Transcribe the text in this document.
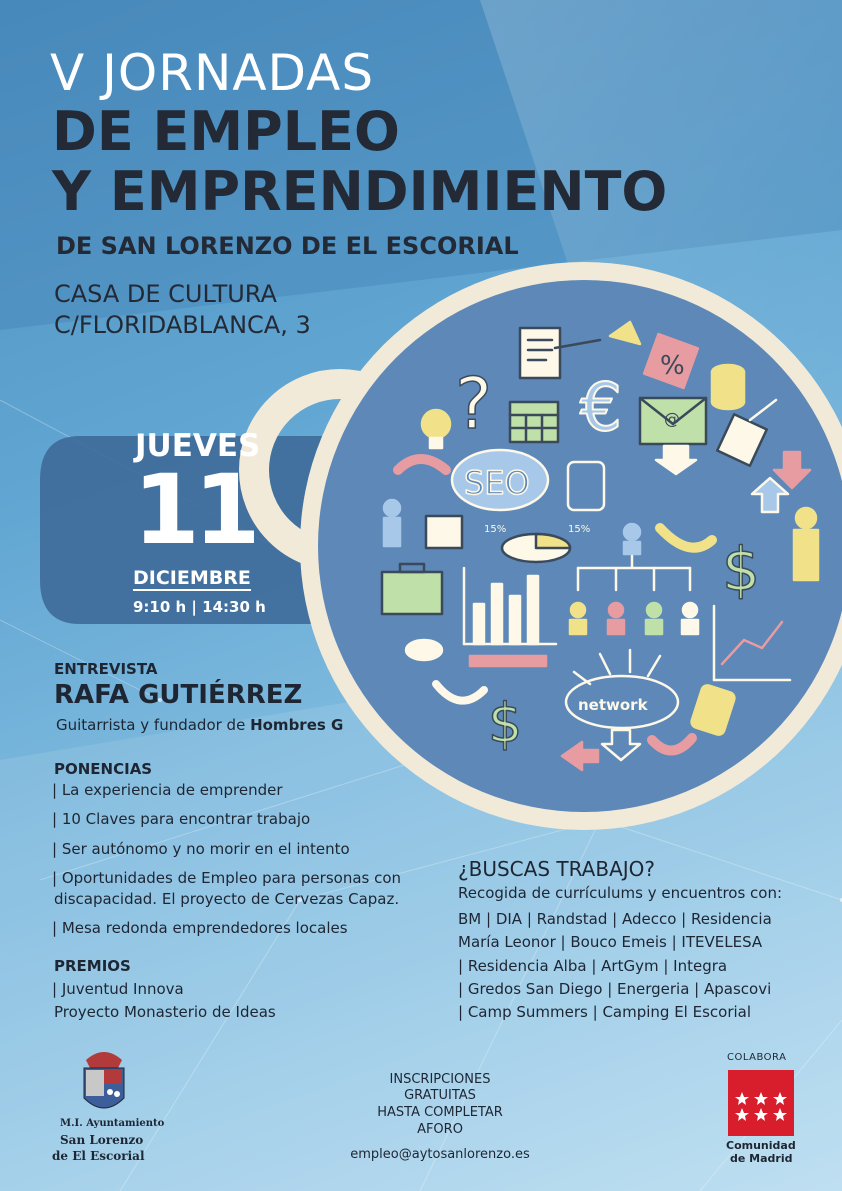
%
? €	@
SEO
15%	15%
$
network
$
V JORNADAS
DE EMPLEO
Y EMPRENDIMIENTO
DE SAN LORENZO DE EL ESCORIAL
CASA DE CULTURA
C/FLORIDABLANCA, 3
JUEVES
11
DICIEMBRE
9:10 h | 14:30 h
ENTREVISTA
RAFA GUTIÉRREZ
Guitarrista y fundador de Hombres G
PONENCIAS
| La experiencia de emprender
| 10 Claves para encontrar trabajo
| Ser autónomo y no morir en el intento
| Oportunidades de Empleo para personas con
discapacidad. El proyecto de Cervezas Capaz.
| Mesa redonda emprendedores locales
PREMIOS
| Juventud Innova
Proyecto Monasterio de Ideas
¿BUSCAS TRABAJO?
Recogida de currículums y encuentros con:
BM | DIA | Randstad | Adecco | Residencia
María Leonor | Bouco Emeis | ITEVELESA
| Residencia Alba | ArtGym | Integra
| Gredos San Diego | Energeria | Apascovi
| Camp Summers | Camping El Escorial
INSCRIPCIONES
GRATUITAS
HASTA COMPLETAR
AFORO
empleo@aytosanlorenzo.es
M.I. Ayuntamiento
San Lorenzo
de El Escorial
COLABORA
Comunidad
de Madrid
